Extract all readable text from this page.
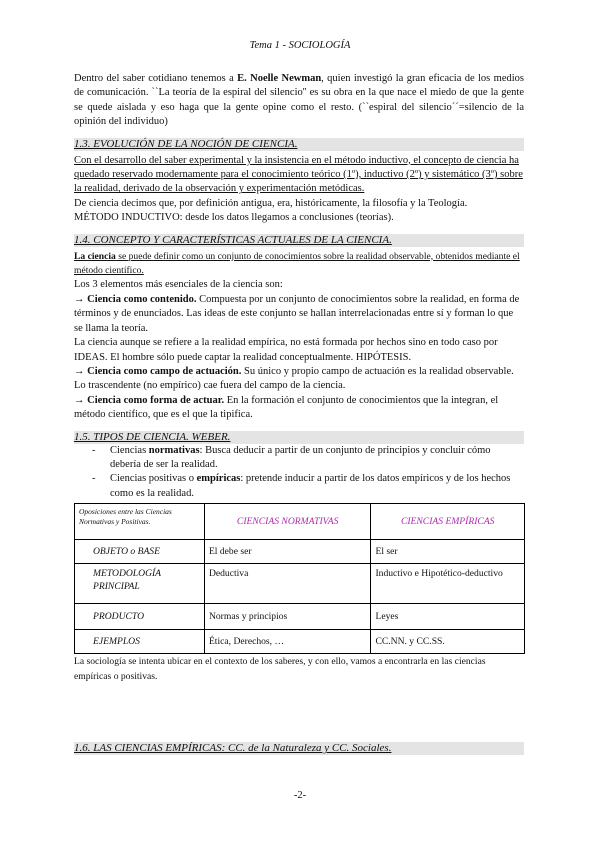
Tema 1 - SOCIOLOGÍA

Dentro del saber cotidiano tenemos a E. Noelle Newman, quien investigó la gran eficacia de los medios de comunicación. ``La teoría de la espiral del silencio'' es su obra en la que nace el miedo de que la gente se quede aislada y eso haga que la gente opine como el resto. (``espiral del silencio´´=silencio de la opinión del individuo)

1.3. EVOLUCIÓN DE LA NOCIÓN DE CIENCIA.

Con el desarrollo del saber experimental y la insistencia en el método inductivo, el concepto de ciencia ha quedado reservado modernamente para el conocimiento teórico (1º), inductivo (2º) y sistemático (3º) sobre la realidad, derivado de la observación y experimentación metódicas.

De ciencia decimos que, por definición antigua, era, históricamente, la filosofía y la Teología.

MÉTODO INDUCTIVO: desde los datos llegamos a conclusiones (teorías).

1.4. CONCEPTO Y CARACTERÍSTICAS ACTUALES DE LA CIENCIA.

La ciencia se puede definir como un conjunto de conocimientos sobre la realidad observable, obtenidos mediante el método científico.

Los 3 elementos más esenciales de la ciencia son:

→ Ciencia como contenido. Compuesta por un conjunto de conocimientos sobre la realidad, en forma de términos y de enunciados. Las ideas de este conjunto se hallan interrelacionadas entre sí y forman lo que se llama la teoría.

La ciencia aunque se refiere a la realidad empírica, no está formada por hechos sino en todo caso por IDEAS. El hombre sólo puede captar la realidad conceptualmente. HIPÓTESIS.

→ Ciencia como campo de actuación. Su único y propio campo de actuación es la realidad observable. Lo trascendente (no empírico) cae fuera del campo de la ciencia.

→ Ciencia como forma de actuar. En la formación el conjunto de conocimientos que la integran, el método científico, que es el que la tipifica.

1.5. TIPOS DE CIENCIA. WEBER.

- Ciencias normativas: Busca deducir a partir de un conjunto de principios y concluir cómo debería de ser la realidad.
- Ciencias positivas o empíricas: pretende inducir a partir de los datos empíricos y de los hechos como es la realidad.
Oposiciones entre las Ciencias Normativas y Positivas.	CIENCIAS NORMATIVAS	CIENCIAS EMPÍRICAS
OBJETO o BASE	El debe ser	El ser
METODOLOGÍA PRINCIPAL	Deductiva	Inductivo e Hipotético-deductivo
PRODUCTO	Normas y principios	Leyes
EJEMPLOS	Ética, Derechos, …	CC.NN. y CC.SS.

La sociología se intenta ubicar en el contexto de los saberes, y con ello, vamos a encontrarla en las ciencias empíricas o positivas.

1.6. LAS CIENCIAS EMPÍRICAS: CC. de la Naturaleza y CC. Sociales.

-2-
